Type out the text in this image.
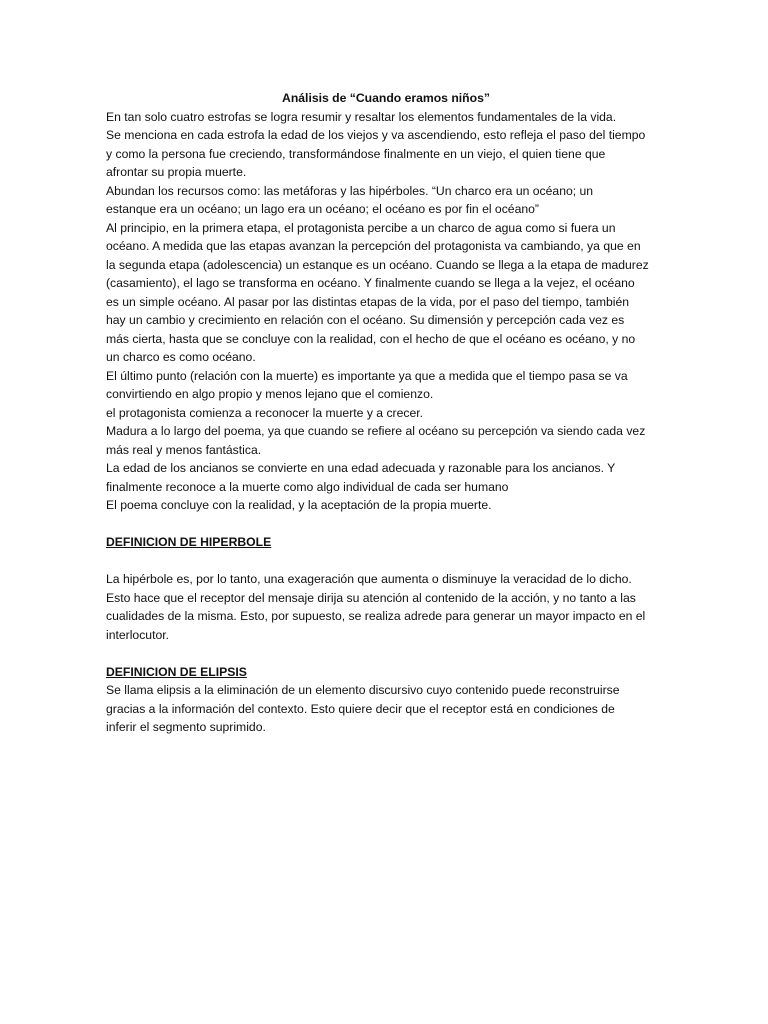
Análisis de “Cuando eramos niños”
En tan solo cuatro estrofas se logra resumir y resaltar los elementos fundamentales de la vida.
Se menciona en cada estrofa la edad de los viejos y va ascendiendo, esto refleja el paso del tiempo
y como la persona fue creciendo, transformándose finalmente en un viejo, el quien tiene que
afrontar su propia muerte.
Abundan los recursos como: las metáforas y las hipérboles. “Un charco era un océano; un
estanque era un océano; un lago era un océano; el océano es por fin el océano”
Al principio, en la primera etapa, el protagonista percibe a un charco de agua como si fuera un
océano. A medida que las etapas avanzan la percepción del protagonista va cambiando, ya que en
la segunda etapa (adolescencia) un estanque es un océano. Cuando se llega a la etapa de madurez
(casamiento), el lago se transforma en océano. Y finalmente cuando se llega a la vejez, el océano
es un simple océano. Al pasar por las distintas etapas de la vida, por el paso del tiempo, también
hay un cambio y crecimiento en relación con el océano. Su dimensión y percepción cada vez es
más cierta, hasta que se concluye con la realidad, con el hecho de que el océano es océano, y no
un charco es como océano.
El último punto (relación con la muerte) es importante ya que a medida que el tiempo pasa se va
convirtiendo en algo propio y menos lejano que el comienzo.
el protagonista comienza a reconocer la muerte y a crecer.
Madura a lo largo del poema, ya que cuando se refiere al océano su percepción va siendo cada vez
más real y menos fantástica.
La edad de los ancianos se convierte en una edad adecuada y razonable para los ancianos. Y
finalmente reconoce a la muerte como algo individual de cada ser humano
El poema concluye con la realidad, y la aceptación de la propia muerte.
DEFINICION DE HIPERBOLE
La hipérbole es, por lo tanto, una exageración que aumenta o disminuye la veracidad de lo dicho.
Esto hace que el receptor del mensaje dirija su atención al contenido de la acción, y no tanto a las
cualidades de la misma. Esto, por supuesto, se realiza adrede para generar un mayor impacto en el
interlocutor.
DEFINICION DE ELIPSIS
Se llama elipsis a la eliminación de un elemento discursivo cuyo contenido puede reconstruirse
gracias a la información del contexto. Esto quiere decir que el receptor está en condiciones de
inferir el segmento suprimido.
